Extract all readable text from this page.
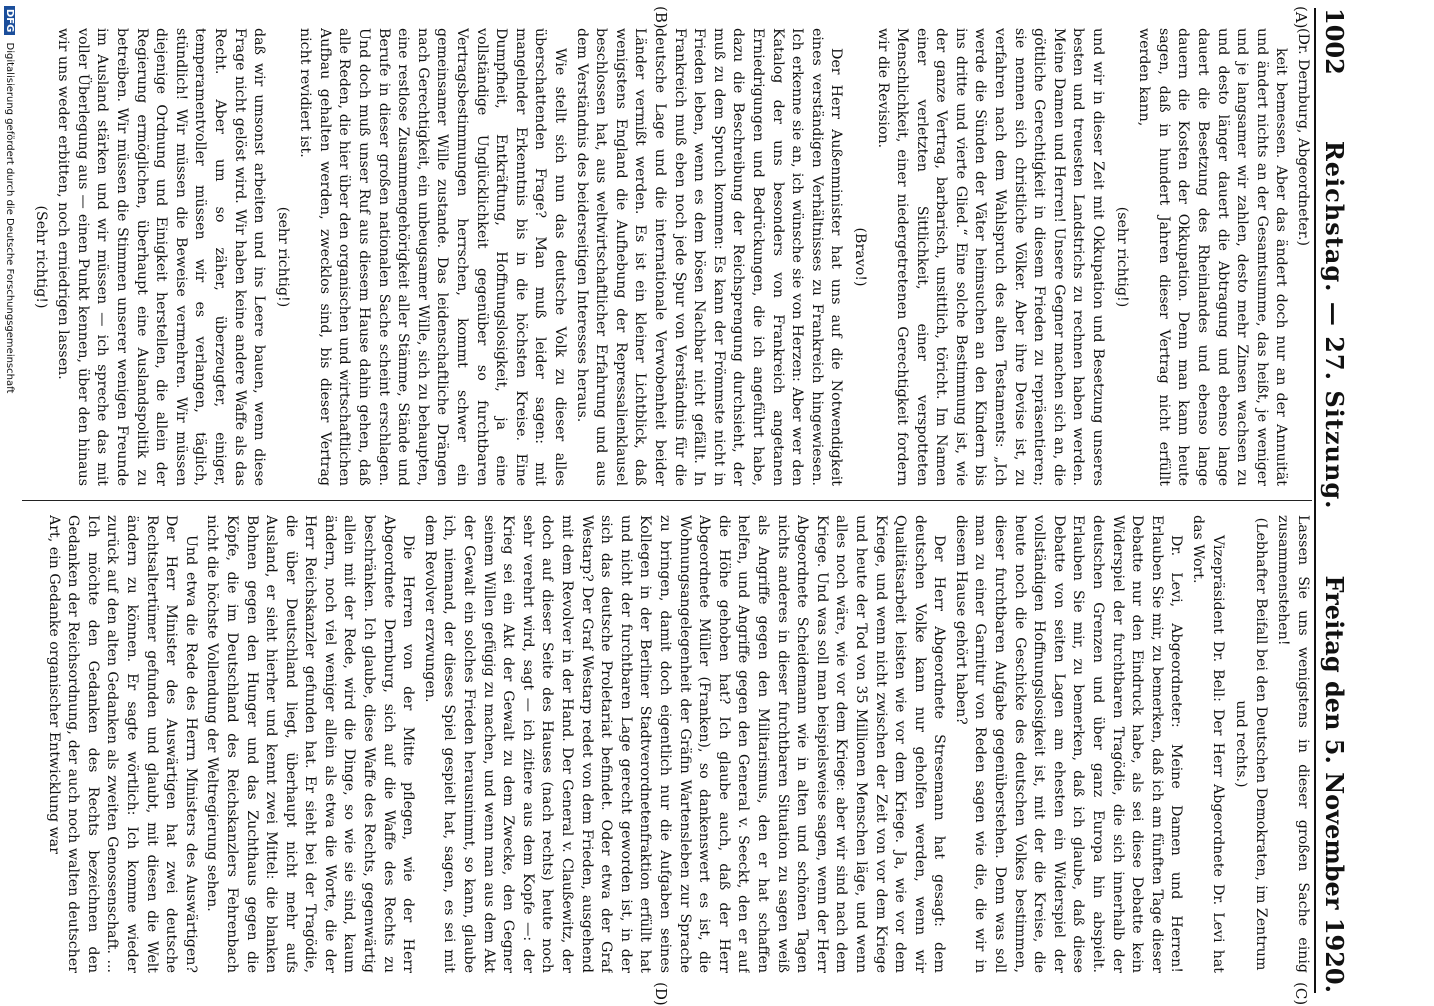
1002
Reichstag. — 27. Sitzung.
Freitag den 5. November 1920.
(A)
(B)
(C)
(D)

(Dr. Dernburg, Abgeordneter.)

keit bemessen. Aber das ändert doch nur an der Annuität und ändert nichts an der Gesamtsumme, das heißt, je weniger und je langsamer wir zahlen, desto mehr Zinsen wachsen zu und desto länger dauert die Abtragung und ebenso lange dauert die Besetzung des Rheinlandes und ebenso lange dauern die Kosten der Okkupation. Denn man kann heute sagen, daß in hundert Jahren dieser Vertrag nicht erfüllt werden kann,

(sehr richtig!)

und wir in dieser Zeit mit Okkupation und Besetzung unseres besten und treuesten Landstrichs zu rechnen haben werden. Meine Damen und Herren! Unsere Gegner machen sich an, die göttliche Gerechtigkeit in diesem Frieden zu repräsentieren; sie nennen sich christliche Völker. Aber ihre Devise ist, zu verfahren nach dem Wahlspruch des alten Testaments: „Ich werde die Sünden der Väter heimsuchen an den Kindern bis ins dritte und vierte Glied.“ Eine solche Bestimmung ist, wie der ganze Vertrag, barbarisch, unsittlich, töricht. Im Namen einer verletzten Sittlichkeit, einer verspotteten Menschlichkeit, einer niedergetretenen Gerechtigkeit fordern wir die Revision.

(Bravo!)

Der Herr Außenminister hat uns auf die Notwendigkeit eines verständigen Verhältnisses zu Frankreich hingewiesen. Ich erkenne sie an, ich wünsche sie von Herzen: Aber wer den Katalog der uns besonders von Frankreich angetanen Erniedrigungen und Bedrückungen, die ich angeführt habe, dazu die Beschreibung der Reichsprengung durchsieht, der muß zu dem Spruch kommen: Es kann der Frömmste nicht in Frieden leben, wenn es dem bösen Nachbar nicht gefällt. In Frankreich muß eben noch jede Spur von Verständnis für die deutsche Lage und die internationale Verwobenheit beider Länder vermißt werden. Es ist ein kleiner Lichtblick, daß wenigstens England die Aufhebung der Repressalienklausel beschlossen hat, aus weltwirtschaftlicher Erfahrung und aus dem Verständnis des beiderseitigen Interesses heraus.

Wie stellt sich nun das deutsche Volk zu dieser alles überschattenden Frage? Man muß leider sagen: mit mangelnder Erkenntnis bis in die höchsten Kreise. Eine Dumpfheit, Entkräftung, Hoffnungslosigkeit, ja eine vollständige Unglücklichkeit gegenüber so furchtbaren Vertragsbestimmungen herrschen, kommt schwer ein gemeinsamer Wille zustande. Das leidenschaftliche Drängen nach Gerechtigkeit, ein unbeugsamer Wille, sich zu behaupten, eine restlose Zusammengehörigkeit aller Stämme, Stände und Berufe in dieser großen nationalen Sache scheint erschlagen. Und doch muß unser Ruf aus diesem Hause dahin gehen, daß alle Reden, die hier über den organischen und wirtschaftlichen Aufbau gehalten werden, zwecklos sind, bis dieser Vertrag nicht revidiert ist.

(sehr richtig!)

daß wir umsonst arbeiten und ins Leere bauen, wenn diese Frage nicht gelöst wird. Wir haben keine andere Waffe als das Recht. Aber um so zäher, überzeugter, einiger, temperamentvoller müssen wir es verlangen, täglich, stündlich! Wir müssen die Beweise vermehren. Wir müssen diejenige Ordnung und Einigkeit herstellen, die allein der Regierung ermöglichen, überhaupt eine Auslandspolitik zu betreiben. Wir müssen die Stimmen unserer wenigen Freunde im Ausland stärken und wir müssen — ich spreche das mit voller Überlegung aus — einen Punkt kennen, über den hinaus wir uns weder erbitten, noch erniedrigen lassen.

(Sehr richtig!)

Lassen Sie uns wenigstens in dieser großen Sache einig zusammenstehen!

(Lebhafter Beifall bei den Deutschen Demokraten, im Zentrum und rechts.)

Vizepräsident Dr. Bell: Der Herr Abgeordnete Dr. Levi hat das Wort.

Dr. Levi, Abgeordneter: Meine Damen und Herren! Erlauben Sie mir, zu bemerken, daß ich am fünften Tage dieser Debatte nur den Eindruck habe, als sei diese Debatte kein Widerspiel der furchtbaren Tragödie, die sich innerhalb der deutschen Grenzen und über ganz Europa hin abspielt. Erlauben Sie mir, zu bemerken, daß ich glaube, daß diese Debatte von seiten Lagen am ehesten ein Widerspiel der vollständigen Hoffnungslosigkeit ist, mit der die Kreise, die heute noch die Geschicke des deutschen Volkes bestimmen, dieser furchtbaren Aufgabe gegenüberstehen. Denn was soll man zu einer Garnitur von Reden sagen wie die, die wir in diesem Hause gehört haben?

Der Herr Abgeordnete Stresemann hat gesagt: dem deutschen Volke kann nur geholfen werden, wenn wir Qualitätsarbeit leisten wie vor dem Kriege. Ja, wie vor dem Kriege, und wenn nicht zwischen der Zeit von vor dem Kriege und heute der Tod von 35 Millionen Menschen läge, und wenn alles noch wäre, wie vor dem Kriege: aber wir sind nach dem Kriege. Und was soll man beispielsweise sagen, wenn der Herr Abgeordnete Scheidemann wie in alten und schönen Tagen nichts anderes in dieser furchtbaren Situation zu sagen weiß als Angriffe gegen den Militarismus, den er hat schaffen helfen, und Angriffe gegen den General v. Seeckt, den er auf die Höhe gehoben hat? Ich glaube auch, daß der Herr Abgeordnete Müller (Franken), so dankenswert es ist, die Wohnungsangelegenheit der Gräfin Wartensleben zur Sprache zu bringen, damit doch eigentlich nur die Aufgaben seines Kollegen in der Berliner Stadtverordnetenfraktion erfüllt hat und nicht der furchtbaren Lage gerecht geworden ist, in der sich das deutsche Proletariat befindet. Oder etwa der Graf Westarp? Der Graf Westarp redet von dem Frieden, ausgehend mit dem Revolver in der Hand. Der General v. Claußewitz, der doch auf dieser Seite des Hauses (nach rechts) heute noch sehr verehrt wird, sagt — ich zitiere aus dem Kopfe —: der Krieg sei ein Akt der Gewalt zu dem Zwecke, den Gegner seinem Willen gefügig zu machen, und wenn man aus dem Akt der Gewalt ein solches Frieden herausnimmt, so kann, glaube ich, niemand, der dieses Spiel gespielt hat, sagen, es sei mit dem Revolver erzwungen.

Die Herren von der Mitte pflegen, wie der Herr Abgeordnete Dernburg, sich auf die Waffe des Rechts zu beschränken. Ich glaube, diese Waffe des Rechts, gegenwärtig allein mit der Rede, wird die Dinge, so wie sie sind, kaum ändern, noch viel weniger allein als etwa die Worte, die der Herr Reichskanzler gefunden hat. Er sieht bei der Tragödie, die über Deutschland liegt, überhaupt nicht mehr aufs Ausland, er sieht hierher und kennt zwei Mittel: die blanken Bohnen gegen den Hunger und das Zuchthaus gegen die Köpfe, die im Deutschland des Reichskanzlers Fehrenbach nicht die höchste Vollendung der Weltregierung sehen.

Und etwa die Rede des Herrn Ministers des Auswärtigen? Der Herr Minister des Auswärtigen hat zwei deutsche Rechtsaltertümer gefunden und glaubt, mit diesen die Welt ändern zu können. Er sagte wörtlich: Ich komme wieder zurück auf den alten Gedanken als zweiten Genossenschaft. ... Ich möchte den Gedanken des Rechts bezeichnen den Gedanken der Reichsordnung, der auch noch walten deutscher Art, ein Gedanke organischer Entwicklung war

DFG Digitalisierung gefördert durch die Deutsche Forschungsgemeinschaft
